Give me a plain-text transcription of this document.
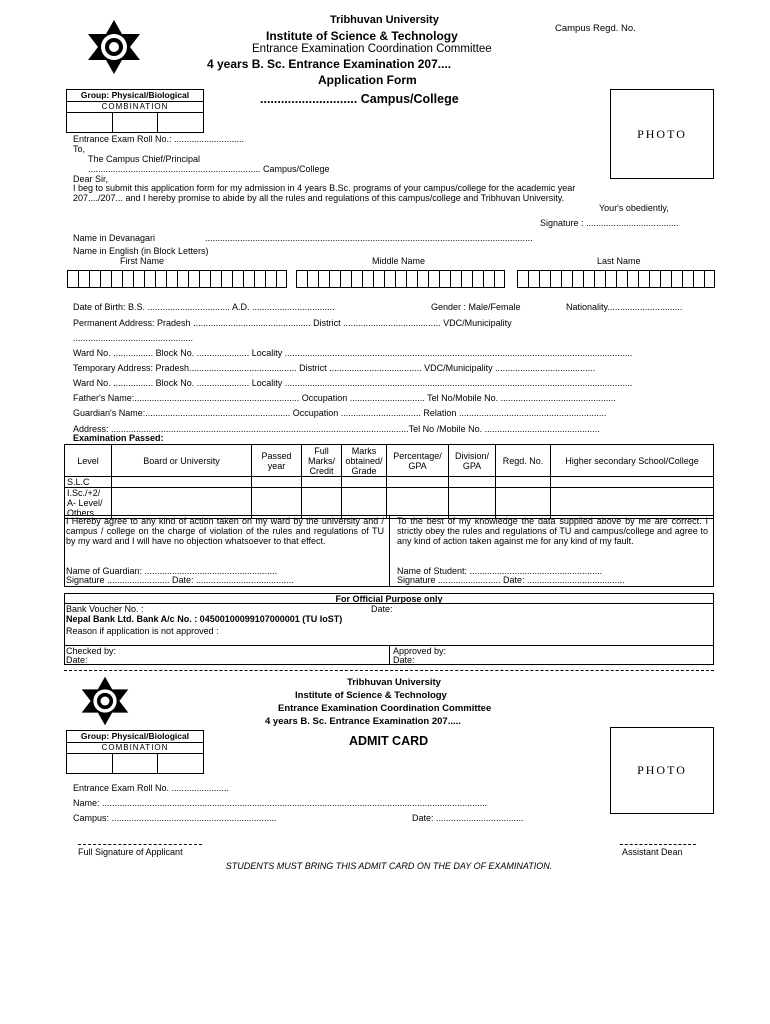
Tribhuvan University
Institute of Science & Technology
Entrance Examination Coordination Committee
4 years B. Sc. Entrance Examination 207....
Application Form
Campus Regd. No.
............................ Campus/College
Group: Physical/Biological
COMBINATION
PHOTO
Entrance Exam Roll No.: ............................
To,
The Campus Chief/Principal
..................................................................... Campus/College
Dear Sir,
I beg to submit this application form for my admission in 4 years B.Sc. programs of your campus/college for the academic year
207..../207... and I hereby promise to abide by all the rules and regulations of this campus/college and Tribhuvan University.
Your's obediently,
Signature : .....................................
Name in Devanagari	...................................................................................................................................
Name in English (in Block Letters)
First Name	Middle Name	Last Name
Date of Birth: B.S. ................................. A.D. .................................	Gender : Male/Female	Nationality..............................
Permanent Address: Pradesh ............................................... District ....................................... VDC/Municipality
................................................
Ward No. ................ Block No. ..................... Locality ...........................................................................................................................................
Temporary Address: Pradesh........................................... District ..................................... VDC/Municipality ........................................
Ward No. ................ Block No. ..................... Locality ...........................................................................................................................................
Father's Name:.................................................................. Occupation .............................. Tel No/Mobile No. ..............................................
Guardian's Name:.......................................................... Occupation ................................ Relation ...........................................................
Address: .......................................................................................................................Tel No /Mobile No. ..............................................
Examination Passed:
Level	Board or University	Passed year	Full Marks/ Credit	Marks obtained/ Grade	Percentage/ GPA	Division/ GPA	Regd. No.	Higher secondary School/College
S.L.C								
I.Sc./+2/ A- Level/ Others								
I Hereby agree to any kind of action taken on my ward by the university and / campus / college on the charge of violation of the rules and regulations of TU by my ward and I will have no objection whatsoever to that effect.
Name of Guardian: .....................................................
Signature ......................... Date: .......................................
To the best of my knowledge the data supplied above by me are correct. I strictly obey the rules and regulations of TU and campus/college and agree to any kind of action taken against me for any kind of my fault.
Name of Student: .....................................................
Signature ......................... Date: .......................................
For Official Purpose only
Bank Voucher No. :	Date:
Nepal Bank Ltd. Bank A/c No. : 04500100099107000001 (TU IoST)
Reason if application is not approved :
Checked by:
Date:
Approved by:
Date:
Tribhuvan University
Institute of Science & Technology
Entrance Examination Coordination Committee
4 years B. Sc. Entrance Examination 207.....
ADMIT CARD
Group: Physical/Biological
COMBINATION
PHOTO
Entrance Exam Roll No. .......................
Name: ..........................................................................................................................................................
Campus: ..................................................................	Date: ...................................
Full Signature of Applicant	Assistant Dean
STUDENTS MUST BRING THIS ADMIT CARD ON THE DAY OF EXAMINATION.
